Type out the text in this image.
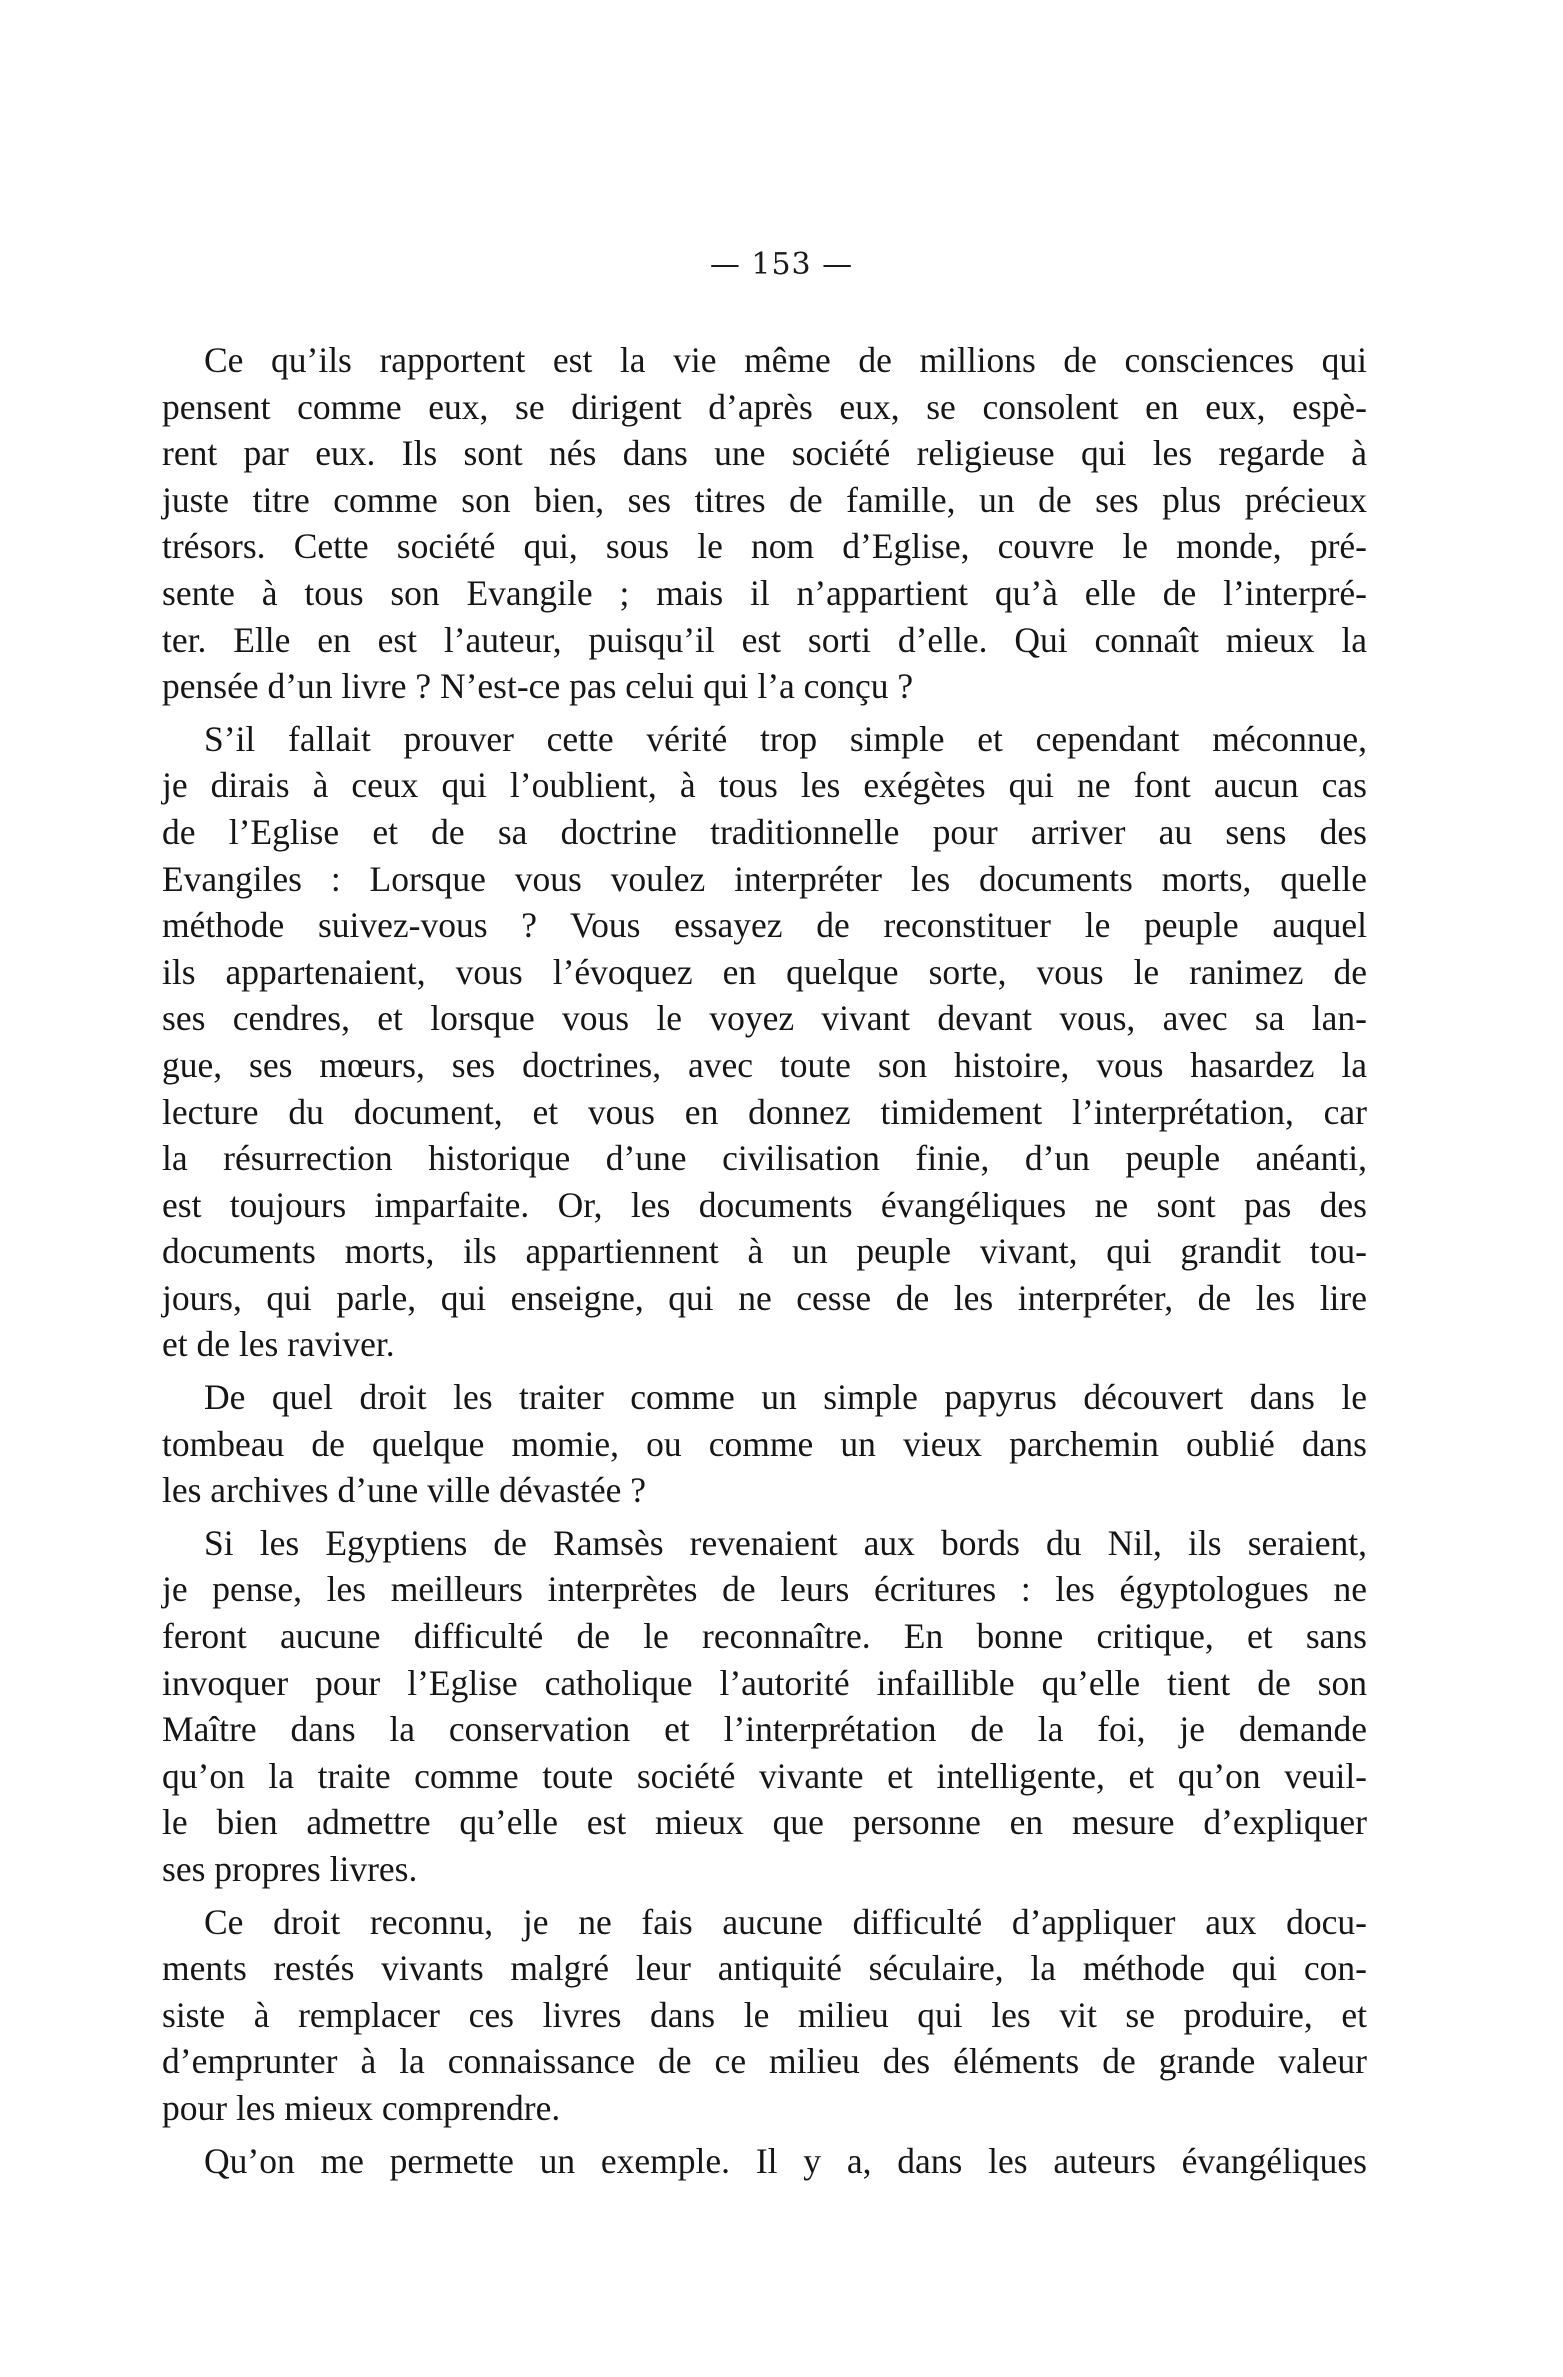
— 153 —
Ce qu’ils rapportent est la vie même de millions de consciences qui
pensent comme eux, se dirigent d’après eux, se consolent en eux, espè-
rent par eux. Ils sont nés dans une société religieuse qui les regarde à
juste titre comme son bien, ses titres de famille, un de ses plus précieux
trésors. Cette société qui, sous le nom d’Eglise, couvre le monde, pré-
sente à tous son Evangile ; mais il n’appartient qu’à elle de l’interpré-
ter. Elle en est l’auteur, puisqu’il est sorti d’elle. Qui connaît mieux la
pensée d’un livre ? N’est-ce pas celui qui l’a conçu ?
S’il fallait prouver cette vérité trop simple et cependant méconnue,
je dirais à ceux qui l’oublient, à tous les exégètes qui ne font aucun cas
de l’Eglise et de sa doctrine traditionnelle pour arriver au sens des
Evangiles : Lorsque vous voulez interpréter les documents morts, quelle
méthode suivez-vous ? Vous essayez de reconstituer le peuple auquel
ils appartenaient, vous l’évoquez en quelque sorte, vous le ranimez de
ses cendres, et lorsque vous le voyez vivant devant vous, avec sa lan-
gue, ses mœurs, ses doctrines, avec toute son histoire, vous hasardez la
lecture du document, et vous en donnez timidement l’interprétation, car
la résurrection historique d’une civilisation finie, d’un peuple anéanti,
est toujours imparfaite. Or, les documents évangéliques ne sont pas des
documents morts, ils appartiennent à un peuple vivant, qui grandit tou-
jours, qui parle, qui enseigne, qui ne cesse de les interpréter, de les lire
et de les raviver.
De quel droit les traiter comme un simple papyrus découvert dans le
tombeau de quelque momie, ou comme un vieux parchemin oublié dans
les archives d’une ville dévastée ?
Si les Egyptiens de Ramsès revenaient aux bords du Nil, ils seraient,
je pense, les meilleurs interprètes de leurs écritures : les égyptologues ne
feront aucune difficulté de le reconnaître. En bonne critique, et sans
invoquer pour l’Eglise catholique l’autorité infaillible qu’elle tient de son
Maître dans la conservation et l’interprétation de la foi, je demande
qu’on la traite comme toute société vivante et intelligente, et qu’on veuil-
le bien admettre qu’elle est mieux que personne en mesure d’expliquer
ses propres livres.
Ce droit reconnu, je ne fais aucune difficulté d’appliquer aux docu-
ments restés vivants malgré leur antiquité séculaire, la méthode qui con-
siste à remplacer ces livres dans le milieu qui les vit se produire, et
d’emprunter à la connaissance de ce milieu des éléments de grande valeur
pour les mieux comprendre.
Qu’on me permette un exemple. Il y a, dans les auteurs évangéliques
